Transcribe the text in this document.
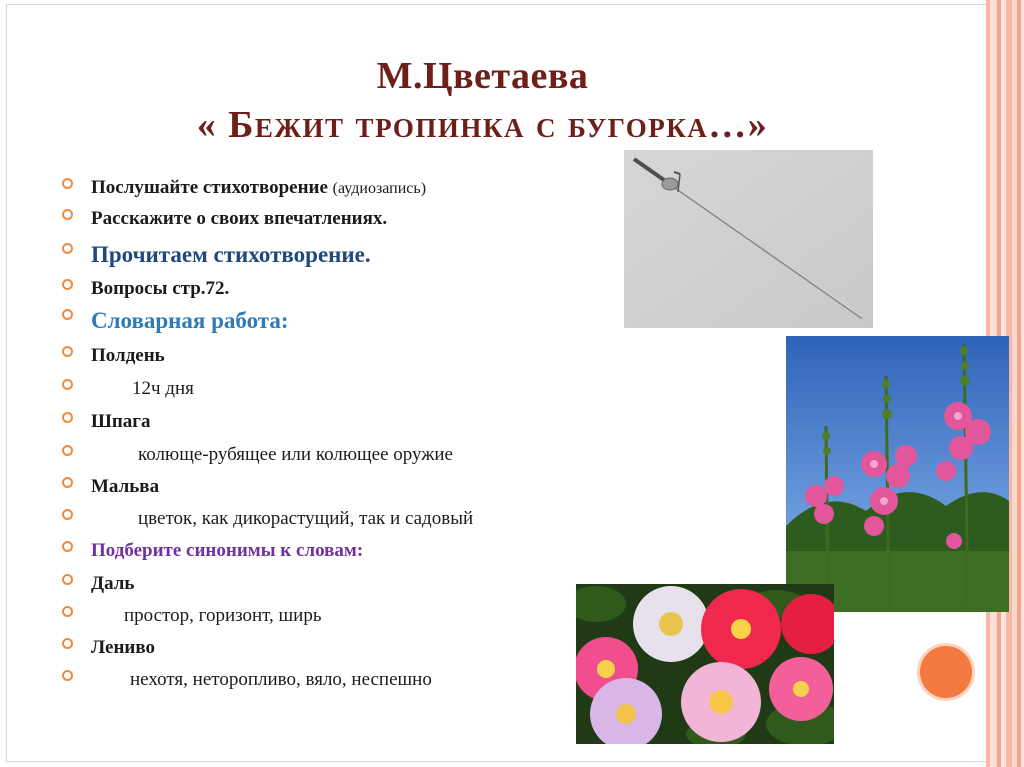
М.Цветаева
« Бежит тропинка с бугорка…»
Послушайте стихотворение (аудиозапись)
Расскажите о своих впечатлениях.
Прочитаем стихотворение.
Вопросы стр.72.
Словарная работа:
Полдень
12ч дня
Шпага
колюще-рубящее или колющее оружие
Мальва
цветок, как дикорастущий, так и садовый
Подберите синонимы к словам:
Даль
простор, горизонт, ширь
Лениво
нехотя, неторопливо, вяло, неспешно
